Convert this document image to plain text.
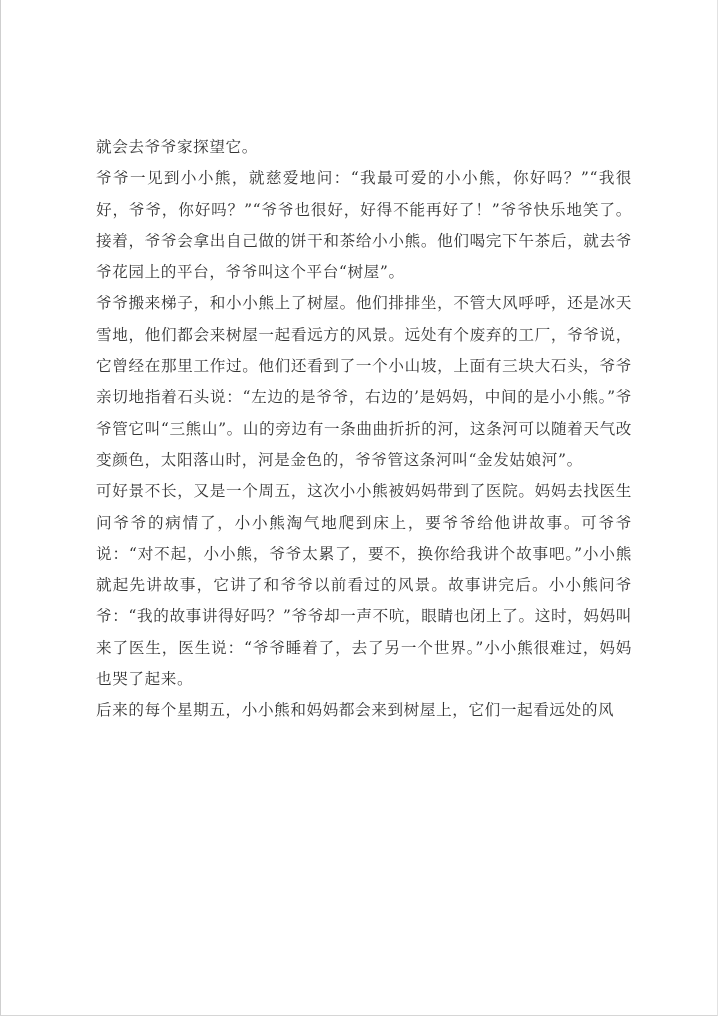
就会去爷爷家探望它。

爷爷一见到小小熊，就慈爱地问：“我最可爱的小小熊，你好吗？”“我很好，爷爷，你好吗？”“爷爷也很好，好得不能再好了！”爷爷快乐地笑了。接着，爷爷会拿出自己做的饼干和茶给小小熊。他们喝完下午茶后，就去爷爷花园上的平台，爷爷叫这个平台“树屋”。

爷爷搬来梯子，和小小熊上了树屋。他们排排坐，不管大风呼呼，还是冰天雪地，他们都会来树屋一起看远方的风景。远处有个废弃的工厂，爷爷说，它曾经在那里工作过。他们还看到了一个小山坡，上面有三块大石头，爷爷亲切地指着石头说：“左边的是爷爷，右边的’是妈妈，中间的是小小熊。”爷爷管它叫“三熊山”。山的旁边有一条曲曲折折的河，这条河可以随着天气改变颜色，太阳落山时，河是金色的，爷爷管这条河叫“金发姑娘河”。

可好景不长，又是一个周五，这次小小熊被妈妈带到了医院。妈妈去找医生问爷爷的病情了，小小熊淘气地爬到床上，要爷爷给他讲故事。可爷爷说：“对不起，小小熊，爷爷太累了，要不，换你给我讲个故事吧。”小小熊就起先讲故事，它讲了和爷爷以前看过的风景。故事讲完后。小小熊问爷爷：“我的故事讲得好吗？”爷爷却一声不吭，眼睛也闭上了。这时，妈妈叫来了医生，医生说：“爷爷睡着了，去了另一个世界。”小小熊很难过，妈妈也哭了起来。

后来的每个星期五，小小熊和妈妈都会来到树屋上，它们一起看远处的风
